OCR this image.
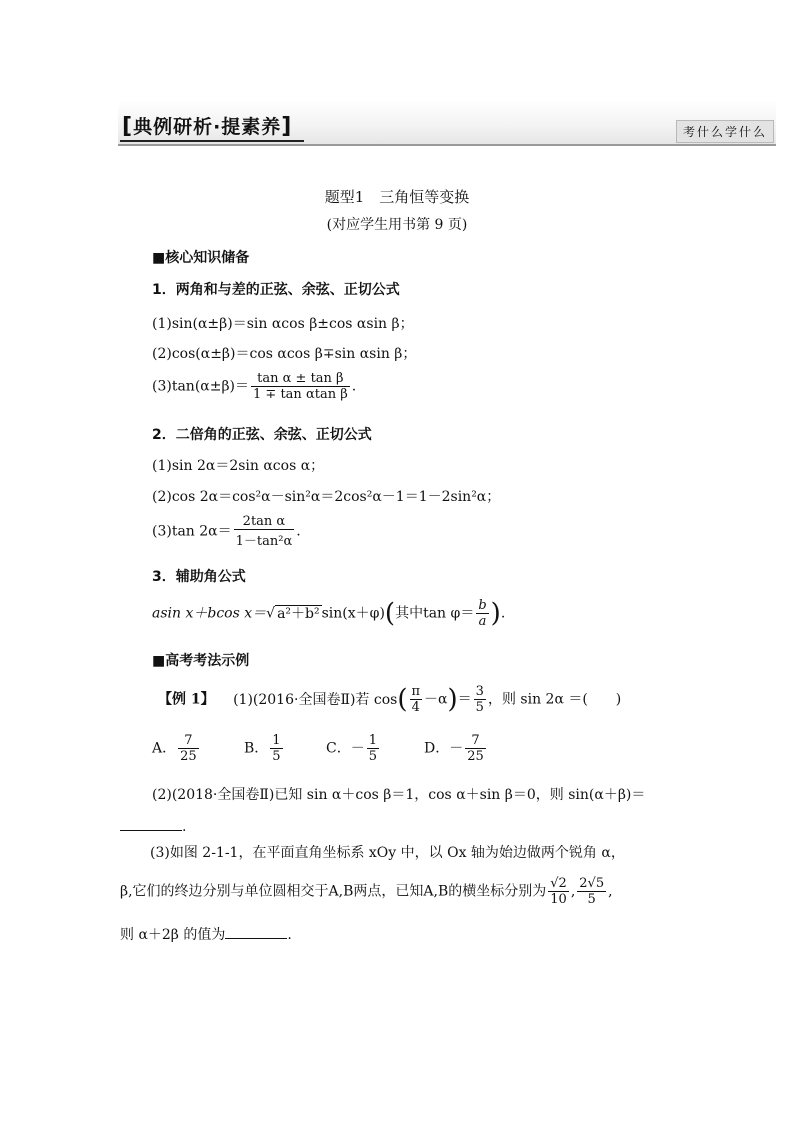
[典例研析·提素养]	考什么学什么
题型1　三角恒等变换
(对应学生用书第 9 页)
■核心知识储备
1．两角和与差的正弦、余弦、正切公式
(1)sin(α±β)＝sin αcos β±cos αsin β；
(2)cos(α±β)＝cos αcos β∓sin αsin β；
$(3)\tan(\alpha\pm\beta)= \frac{\text{tan α ± tan β}}{\text{1 ∓ tan αtan β}}$ .
2．二倍角的正弦、余弦、正切公式
(1)sin 2α＝2sin αcos α；
(2)cos 2α＝cos²α－sin²α＝2cos²α－1＝1－2sin²α；
(3)tan $2\alpha= \frac{\text{2tan α}}{\text{1－tan²α}}$ .
3．辅助角公式
asin x＋bcos x＝√ a²＋b² sin(x＋φ)(其中$\tan \varphi= \frac{b}{a}$ ).
■高考考法示例
【例 1】 (1)(2016·全国卷Ⅱ)若 $\cos( \frac{\pi}{4} -\alpha)= \frac{3}{5}$ ，则 sin 2α ＝(　　)
A． $\frac{7}{25}$	B． $\frac{1}{5}$	C．－ $\frac{1}{5}$	D．－ $\frac{7}{25}$
(2)(2018·全国卷Ⅱ)已知 sin α＋cos β＝1，cos α＋sin β＝0，则 sin(α＋β)＝
.
(3)如图 2-1-1，在平面直角坐标系 xOy 中，以 Ox 轴为始边做两个锐角 α，
β,它们的终边分别与单位圆相交于A,B两点，已知A,B的横坐标分别为 $\frac{√2}{10}$ , $\frac{2√5}{5}$ ,
则 α＋2β 的值为	.
